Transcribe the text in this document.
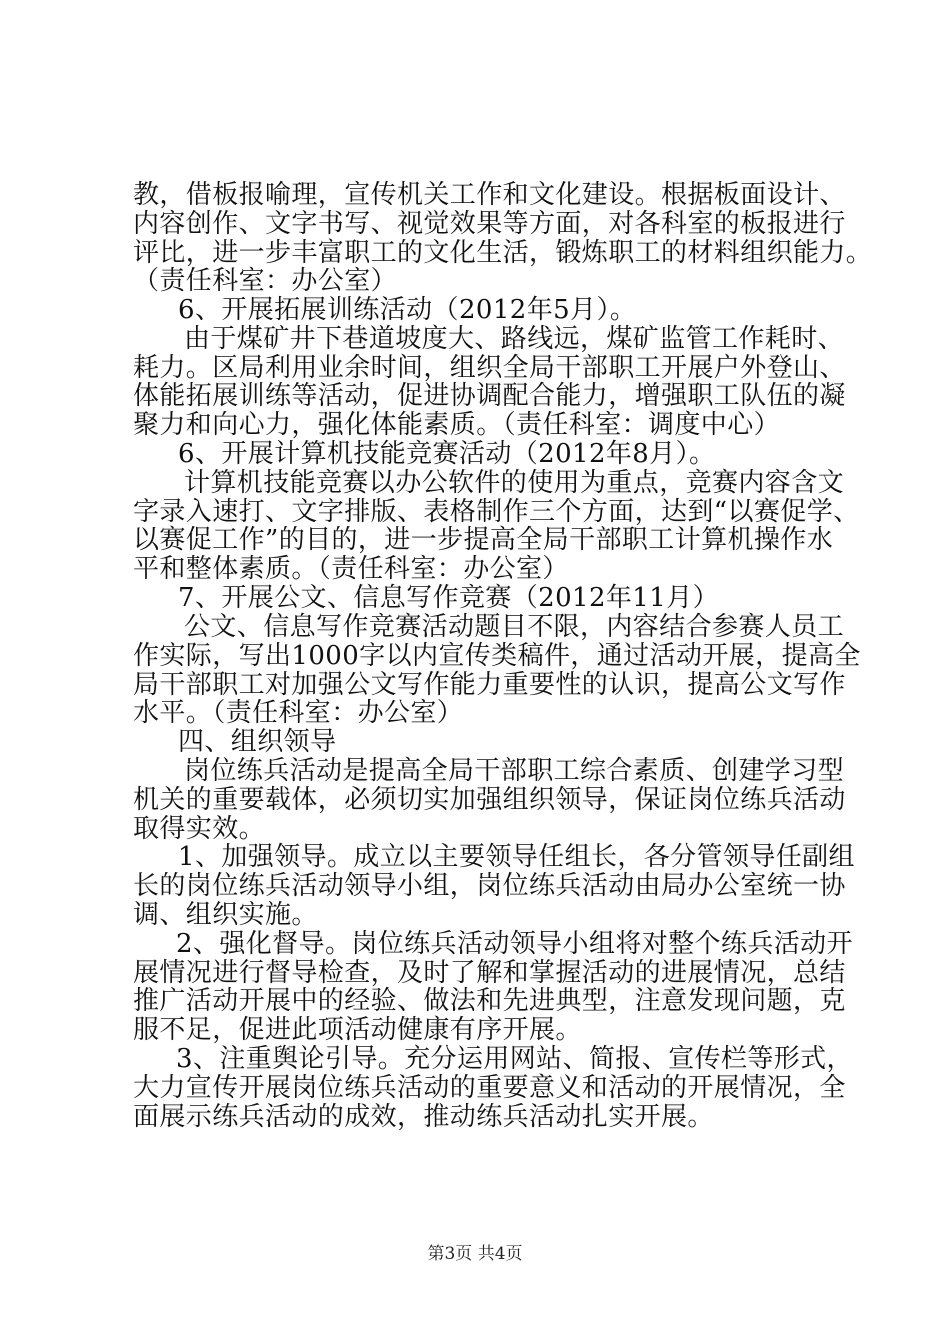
教，借板报喻理，宣传机关工作和文化建设。根据板面设计、
内容创作、文字书写、视觉效果等方面，对各科室的板报进行
评比，进一步丰富职工的文化生活，锻炼职工的材料组织能力。
（责任科室：办公室）
6、开展拓展训练活动（2012年5月）。
由于煤矿井下巷道坡度大、路线远，煤矿监管工作耗时、
耗力。区局利用业余时间，组织全局干部职工开展户外登山、
体能拓展训练等活动，促进协调配合能力，增强职工队伍的凝
聚力和向心力，强化体能素质。（责任科室：调度中心）
6、开展计算机技能竞赛活动（2012年8月）。
计算机技能竞赛以办公软件的使用为重点，竞赛内容含文
字录入速打、文字排版、表格制作三个方面，达到“以赛促学、
以赛促工作”的目的，进一步提高全局干部职工计算机操作水
平和整体素质。（责任科室：办公室）
7、开展公文、信息写作竞赛（2012年11月）
公文、信息写作竞赛活动题目不限，内容结合参赛人员工
作实际，写出1000字以内宣传类稿件，通过活动开展，提高全
局干部职工对加强公文写作能力重要性的认识，提高公文写作
水平。（责任科室：办公室）
四、组织领导
岗位练兵活动是提高全局干部职工综合素质、创建学习型
机关的重要载体，必须切实加强组织领导，保证岗位练兵活动
取得实效。
1、加强领导。成立以主要领导任组长，各分管领导任副组
长的岗位练兵活动领导小组，岗位练兵活动由局办公室统一协
调、组织实施。
2、强化督导。岗位练兵活动领导小组将对整个练兵活动开
展情况进行督导检查，及时了解和掌握活动的进展情况，总结
推广活动开展中的经验、做法和先进典型，注意发现问题，克
服不足，促进此项活动健康有序开展。
3、注重舆论引导。充分运用网站、简报、宣传栏等形式，
大力宣传开展岗位练兵活动的重要意义和活动的开展情况，全
面展示练兵活动的成效，推动练兵活动扎实开展。
第3页 共4页
